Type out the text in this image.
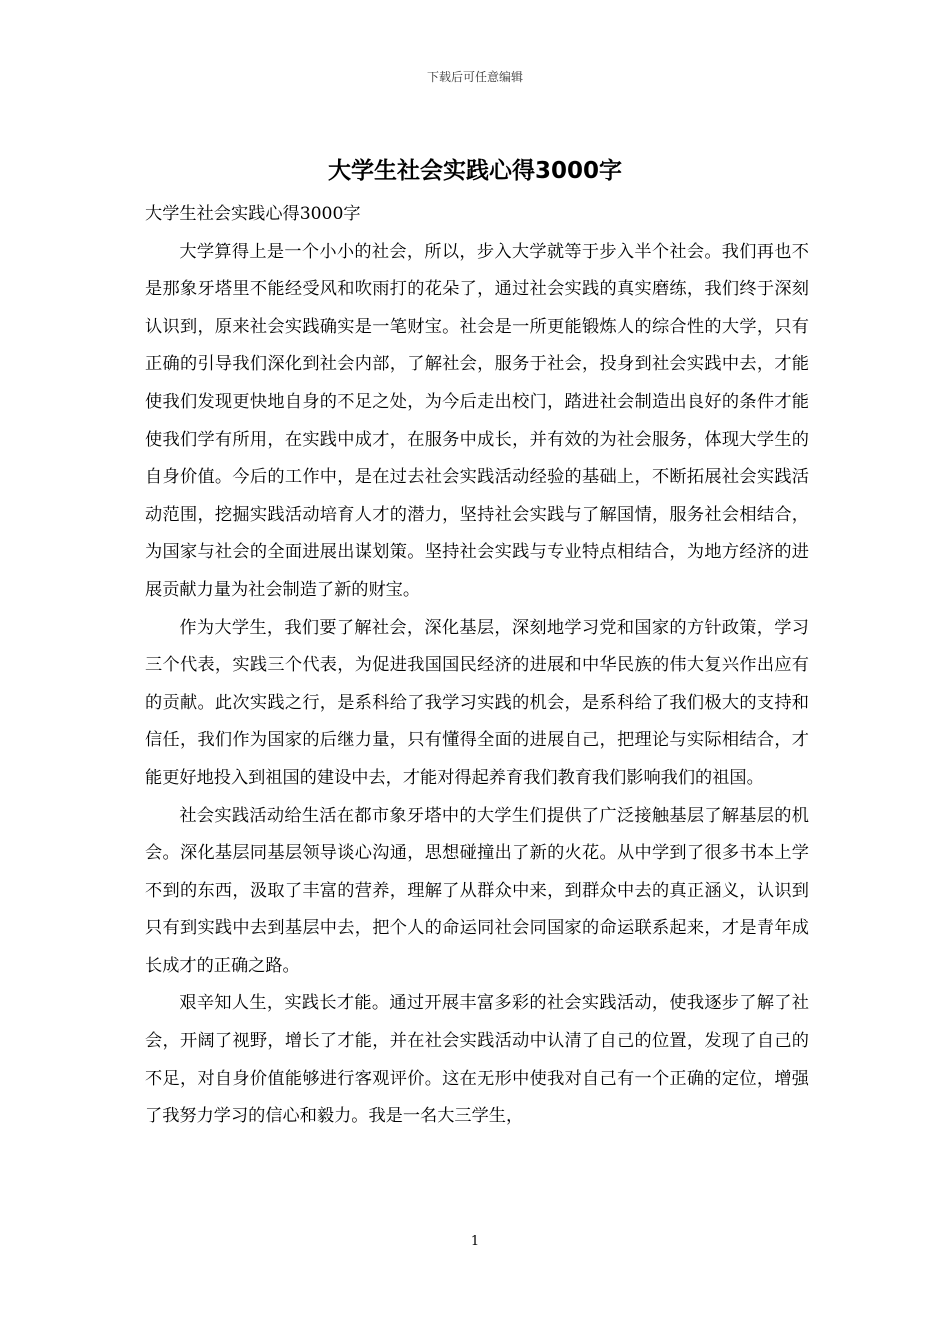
下载后可任意编辑
大学生社会实践心得3000字

大学生社会实践心得3000字

大学算得上是一个小小的社会，所以，步入大学就等于步入半个社会。我们再也不是那象牙塔里不能经受风和吹雨打的花朵了，通过社会实践的真实磨练，我们终于深刻认识到，原来社会实践确实是一笔财宝。社会是一所更能锻炼人的综合性的大学，只有正确的引导我们深化到社会内部，了解社会，服务于社会，投身到社会实践中去，才能使我们发现更快地自身的不足之处，为今后走出校门，踏进社会制造出良好的条件才能使我们学有所用，在实践中成才，在服务中成长，并有效的为社会服务，体现大学生的自身价值。今后的工作中，是在过去社会实践活动经验的基础上，不断拓展社会实践活动范围，挖掘实践活动培育人才的潜力，坚持社会实践与了解国情，服务社会相结合，为国家与社会的全面进展出谋划策。坚持社会实践与专业特点相结合，为地方经济的进展贡献力量为社会制造了新的财宝。

作为大学生，我们要了解社会，深化基层，深刻地学习党和国家的方针政策，学习三个代表，实践三个代表，为促进我国国民经济的进展和中华民族的伟大复兴作出应有的贡献。此次实践之行，是系科给了我学习实践的机会，是系科给了我们极大的支持和信任，我们作为国家的后继力量，只有懂得全面的进展自己，把理论与实际相结合，才能更好地投入到祖国的建设中去，才能对得起养育我们教育我们影响我们的祖国。

社会实践活动给生活在都市象牙塔中的大学生们提供了广泛接触基层了解基层的机会。深化基层同基层领导谈心沟通，思想碰撞出了新的火花。从中学到了很多书本上学不到的东西，汲取了丰富的营养，理解了从群众中来，到群众中去的真正涵义，认识到只有到实践中去到基层中去，把个人的命运同社会同国家的命运联系起来，才是青年成长成才的正确之路。

艰辛知人生，实践长才能。通过开展丰富多彩的社会实践活动，使我逐步了解了社会，开阔了视野，增长了才能，并在社会实践活动中认清了自己的位置，发现了自己的不足，对自身价值能够进行客观评价。这在无形中使我对自己有一个正确的定位，增强了我努力学习的信心和毅力。我是一名大三学生，

1
